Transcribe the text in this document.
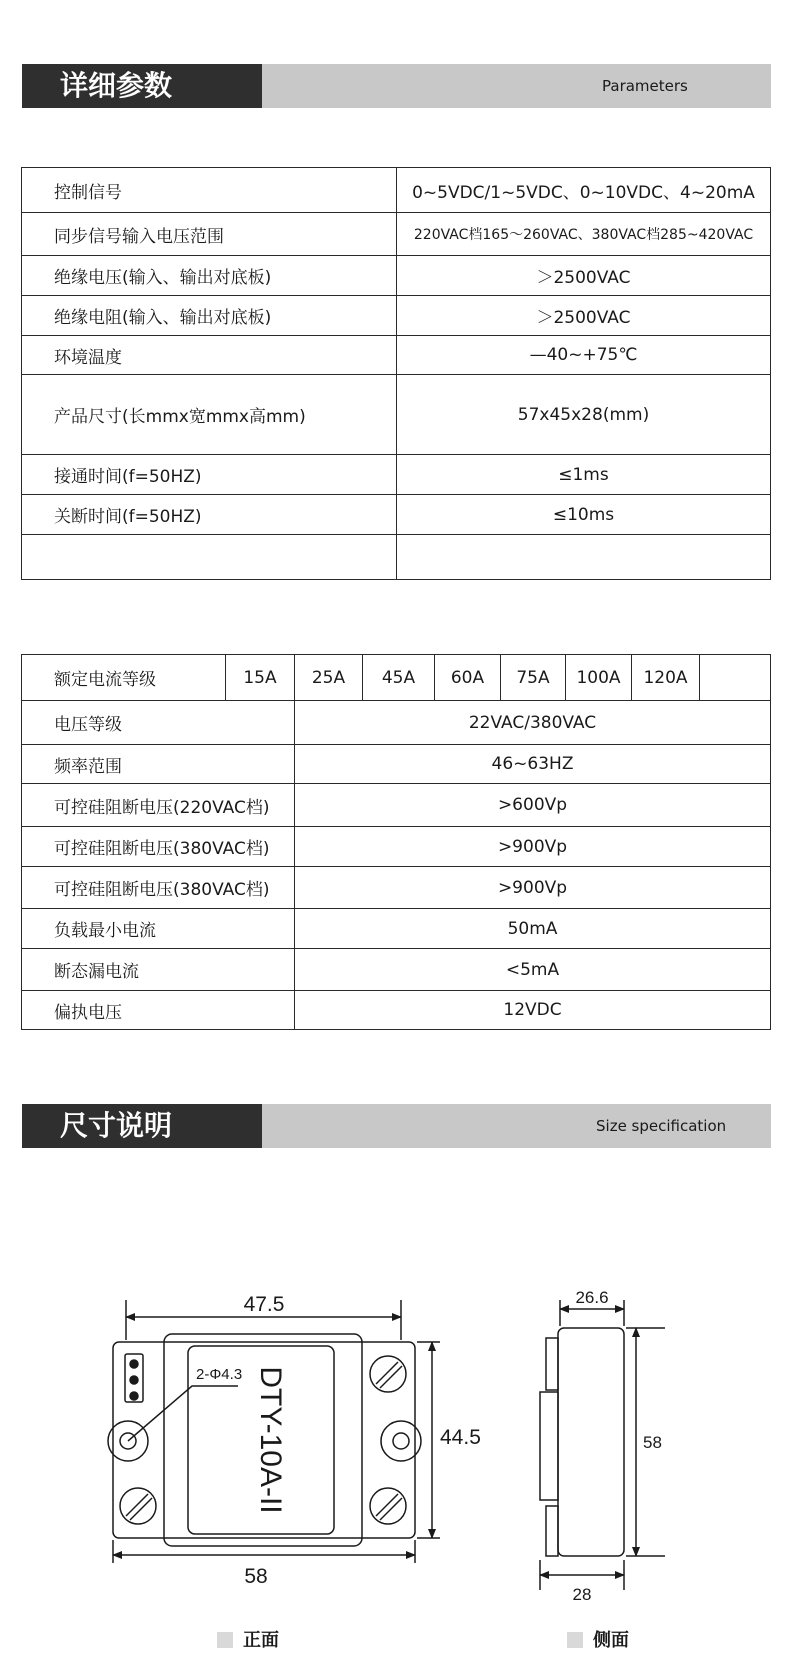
详细参数	Parameters
控制信号	0~5VDC/1~5VDC、0~10VDC、4~20mA
同步信号输入电压范围	220VAC档165～260VAC、380VAC档285~420VAC
绝缘电压(输入、输出对底板)	＞2500VAC
绝缘电阻(输入、输出对底板)	＞2500VAC
环境温度	—40~+75℃
产品尺寸(长mmx宽mmx高mm)	57x45x28(mm)
接通时间(f=50HZ)	≤1ms
关断时间(f=50HZ)	≤10ms

额定电流等级	15A	25A	45A	60A	75A	100A	120A	
电压等级		22VAC/380VAC						
频率范围		46~63HZ						
可控硅阻断电压(220VAC档)		>600Vp						
可控硅阻断电压(380VAC档)		>900Vp						
可控硅阻断电压(380VAC档)		>900Vp						
负载最小电流		50mA						
断态漏电流		<5mA						
偏执电压		12VDC						
尺寸说明	Size specification
47.5
58
44.5
2-Φ4.3 DTY-10A-II
26.6
28
58
正面	侧面
